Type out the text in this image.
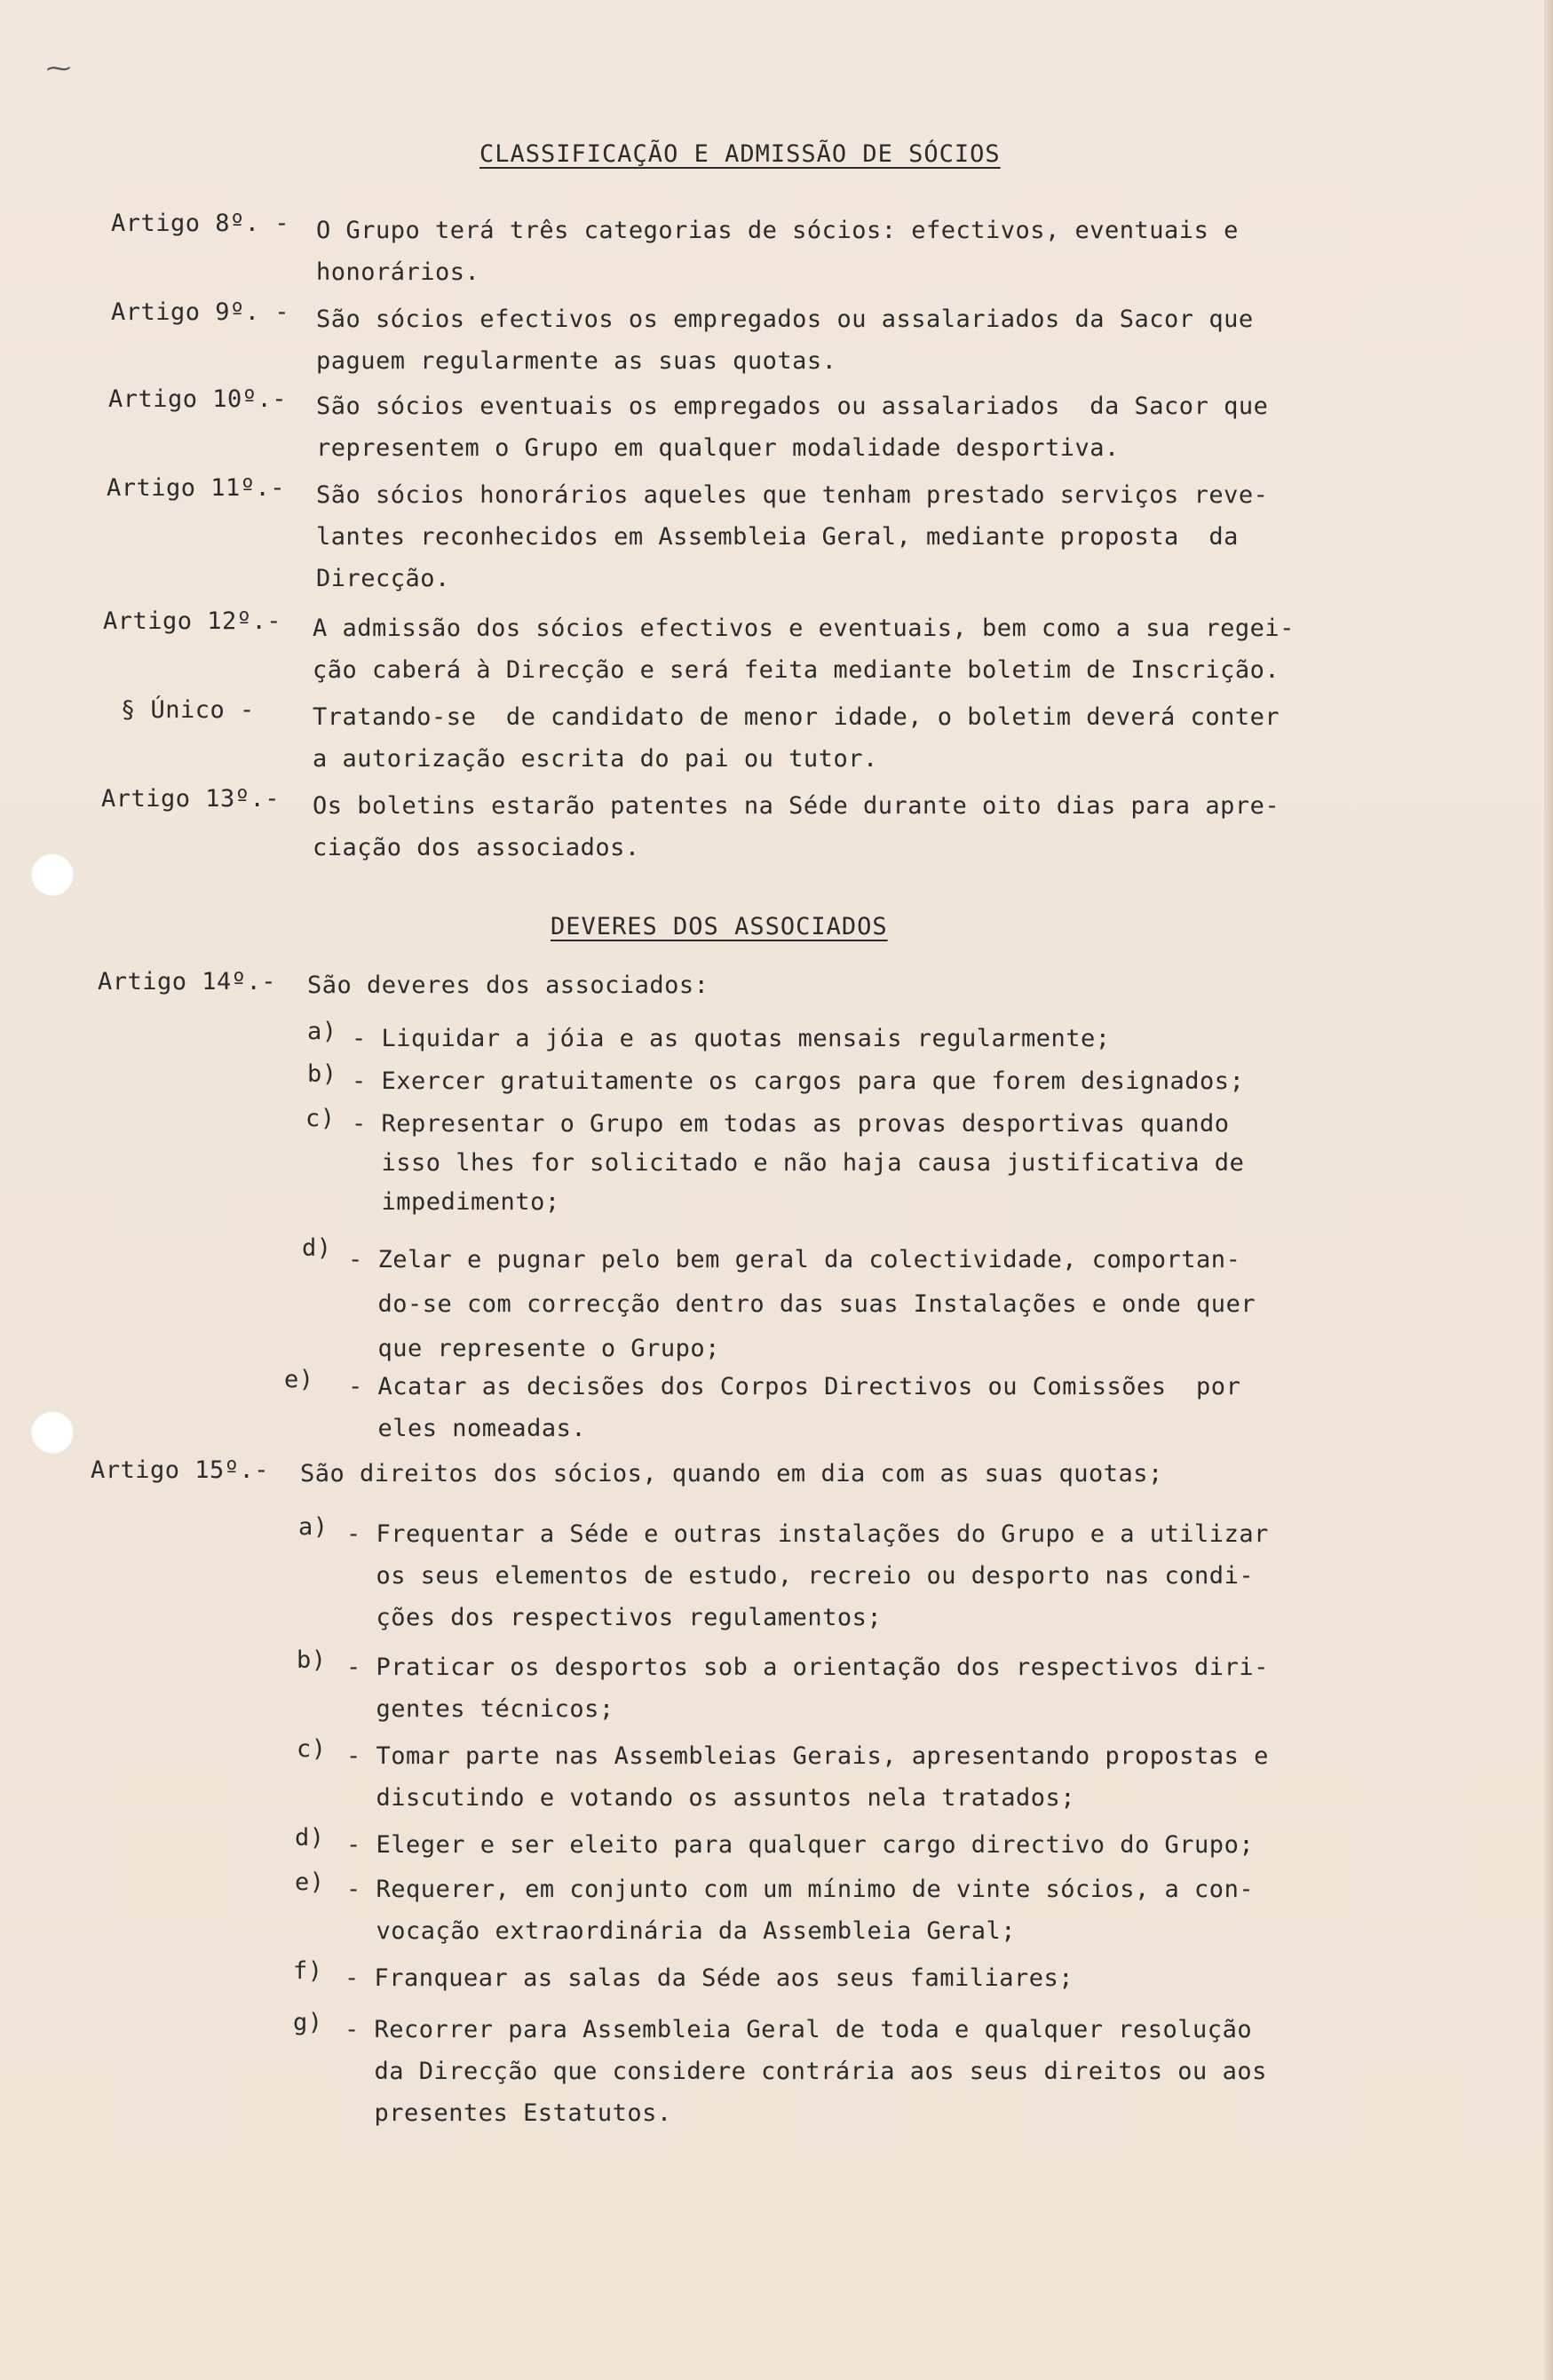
⁓
CLASSIFICAÇÃO E ADMISSÃO DE SÓCIOS
Artigo 8º. - O Grupo terá três categorias de sócios: efectivos, eventuais e
honorários.
Artigo 9º. - São sócios efectivos os empregados ou assalariados da Sacor que
paguem regularmente as suas quotas.
Artigo 10º.- São sócios eventuais os empregados ou assalariados  da Sacor que
representem o Grupo em qualquer modalidade desportiva.
Artigo 11º.- São sócios honorários aqueles que tenham prestado serviços reve-
lantes reconhecidos em Assembleia Geral, mediante proposta  da
Direcção.
Artigo 12º.- A admissão dos sócios efectivos e eventuais, bem como a sua regei-
ção caberá à Direcção e será feita mediante boletim de Inscrição.
§ Único - Tratando-se  de candidato de menor idade, o boletim deverá conter
a autorização escrita do pai ou tutor.
Artigo 13º.- Os boletins estarão patentes na Séde durante oito dias para apre-
ciação dos associados.
DEVERES DOS ASSOCIADOS
Artigo 14º.- São deveres dos associados:
a) - Liquidar a jóia e as quotas mensais regularmente;
b) - Exercer gratuitamente os cargos para que forem designados;
c) - Representar o Grupo em todas as provas desportivas quando
isso lhes for solicitado e não haja causa justificativa de
impedimento;
d) - Zelar e pugnar pelo bem geral da colectividade, comportan-
do-se com correcção dentro das suas Instalações e onde quer
que represente o Grupo;
e) - Acatar as decisões dos Corpos Directivos ou Comissões  por
eles nomeadas.
Artigo 15º.- São direitos dos sócios, quando em dia com as suas quotas;
a) - Frequentar a Séde e outras instalações do Grupo e a utilizar
os seus elementos de estudo, recreio ou desporto nas condi-
ções dos respectivos regulamentos;
b) - Praticar os desportos sob a orientação dos respectivos diri-
gentes técnicos;
c) - Tomar parte nas Assembleias Gerais, apresentando propostas e
discutindo e votando os assuntos nela tratados;
d) - Eleger e ser eleito para qualquer cargo directivo do Grupo;
e) - Requerer, em conjunto com um mínimo de vinte sócios, a con-
vocação extraordinária da Assembleia Geral;
f) - Franquear as salas da Séde aos seus familiares;
g) - Recorrer para Assembleia Geral de toda e qualquer resolução
da Direcção que considere contrária aos seus direitos ou aos
presentes Estatutos.
